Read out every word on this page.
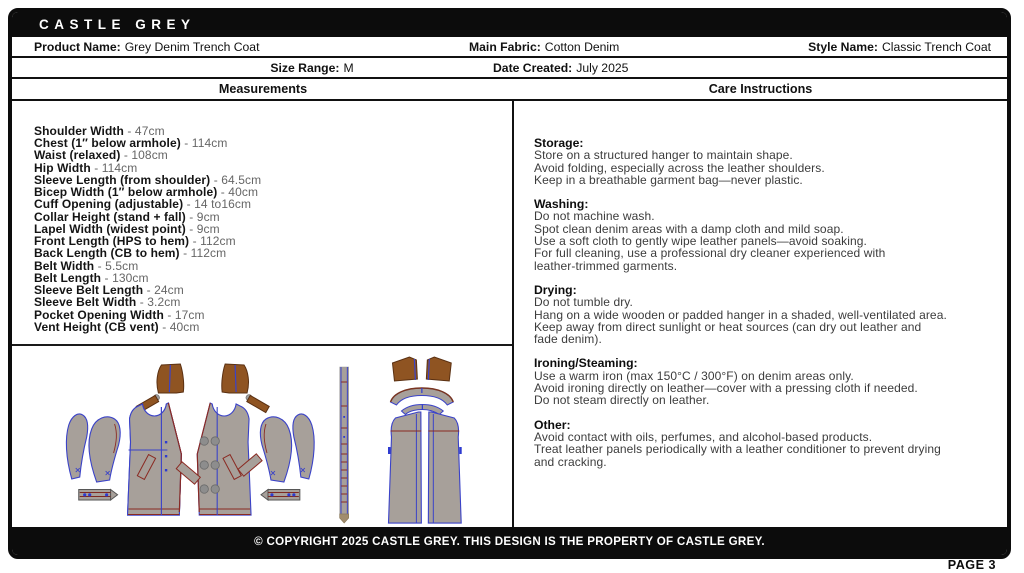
CASTLE GREY
Product Name: Grey Denim Trench Coat	Main Fabric: Cotton Denim	Style Name: Classic Trench Coat
Size Range: M	Date Created: July 2025
Measurements	Care Instructions
Shoulder Width - 47cm
Chest (1″ below armhole) - 114cm
Waist (relaxed) - 108cm
Hip Width - 114cm
Sleeve Length (from shoulder) - 64.5cm
Bicep Width (1″ below armhole) - 40cm
Cuff Opening (adjustable) - 14 to16cm
Collar Height (stand + fall) - 9cm
Lapel Width (widest point) - 9cm
Front Length (HPS to hem) - 112cm
Back Length (CB to hem) - 112cm
Belt Width - 5.5cm
Belt Length - 130cm
Sleeve Belt Length - 24cm
Sleeve Belt Width - 3.2cm
Pocket Opening Width - 17cm
Vent Height (CB vent) - 40cm
Storage:
Store on a structured hanger to maintain shape.
Avoid folding, especially across the leather shoulders.
Keep in a breathable garment bag—never plastic.
Washing:
Do not machine wash.
Spot clean denim areas with a damp cloth and mild soap.
Use a soft cloth to gently wipe leather panels—avoid soaking.
For full cleaning, use a professional dry cleaner experienced with
leather-trimmed garments.
Drying:
Do not tumble dry.
Hang on a wide wooden or padded hanger in a shaded, well-ventilated area.
Keep away from direct sunlight or heat sources (can dry out leather and
fade denim).
Ironing/Steaming:
Use a warm iron (max 150°C / 300°F) on denim areas only.
Avoid ironing directly on leather—cover with a pressing cloth if needed.
Do not steam directly on leather.
Other:
Avoid contact with oils, perfumes, and alcohol-based products.
Treat leather panels periodically with a leather conditioner to prevent drying
and cracking.
© COPYRIGHT 2025 CASTLE GREY. THIS DESIGN IS THE PROPERTY OF CASTLE GREY.
PAGE 3
